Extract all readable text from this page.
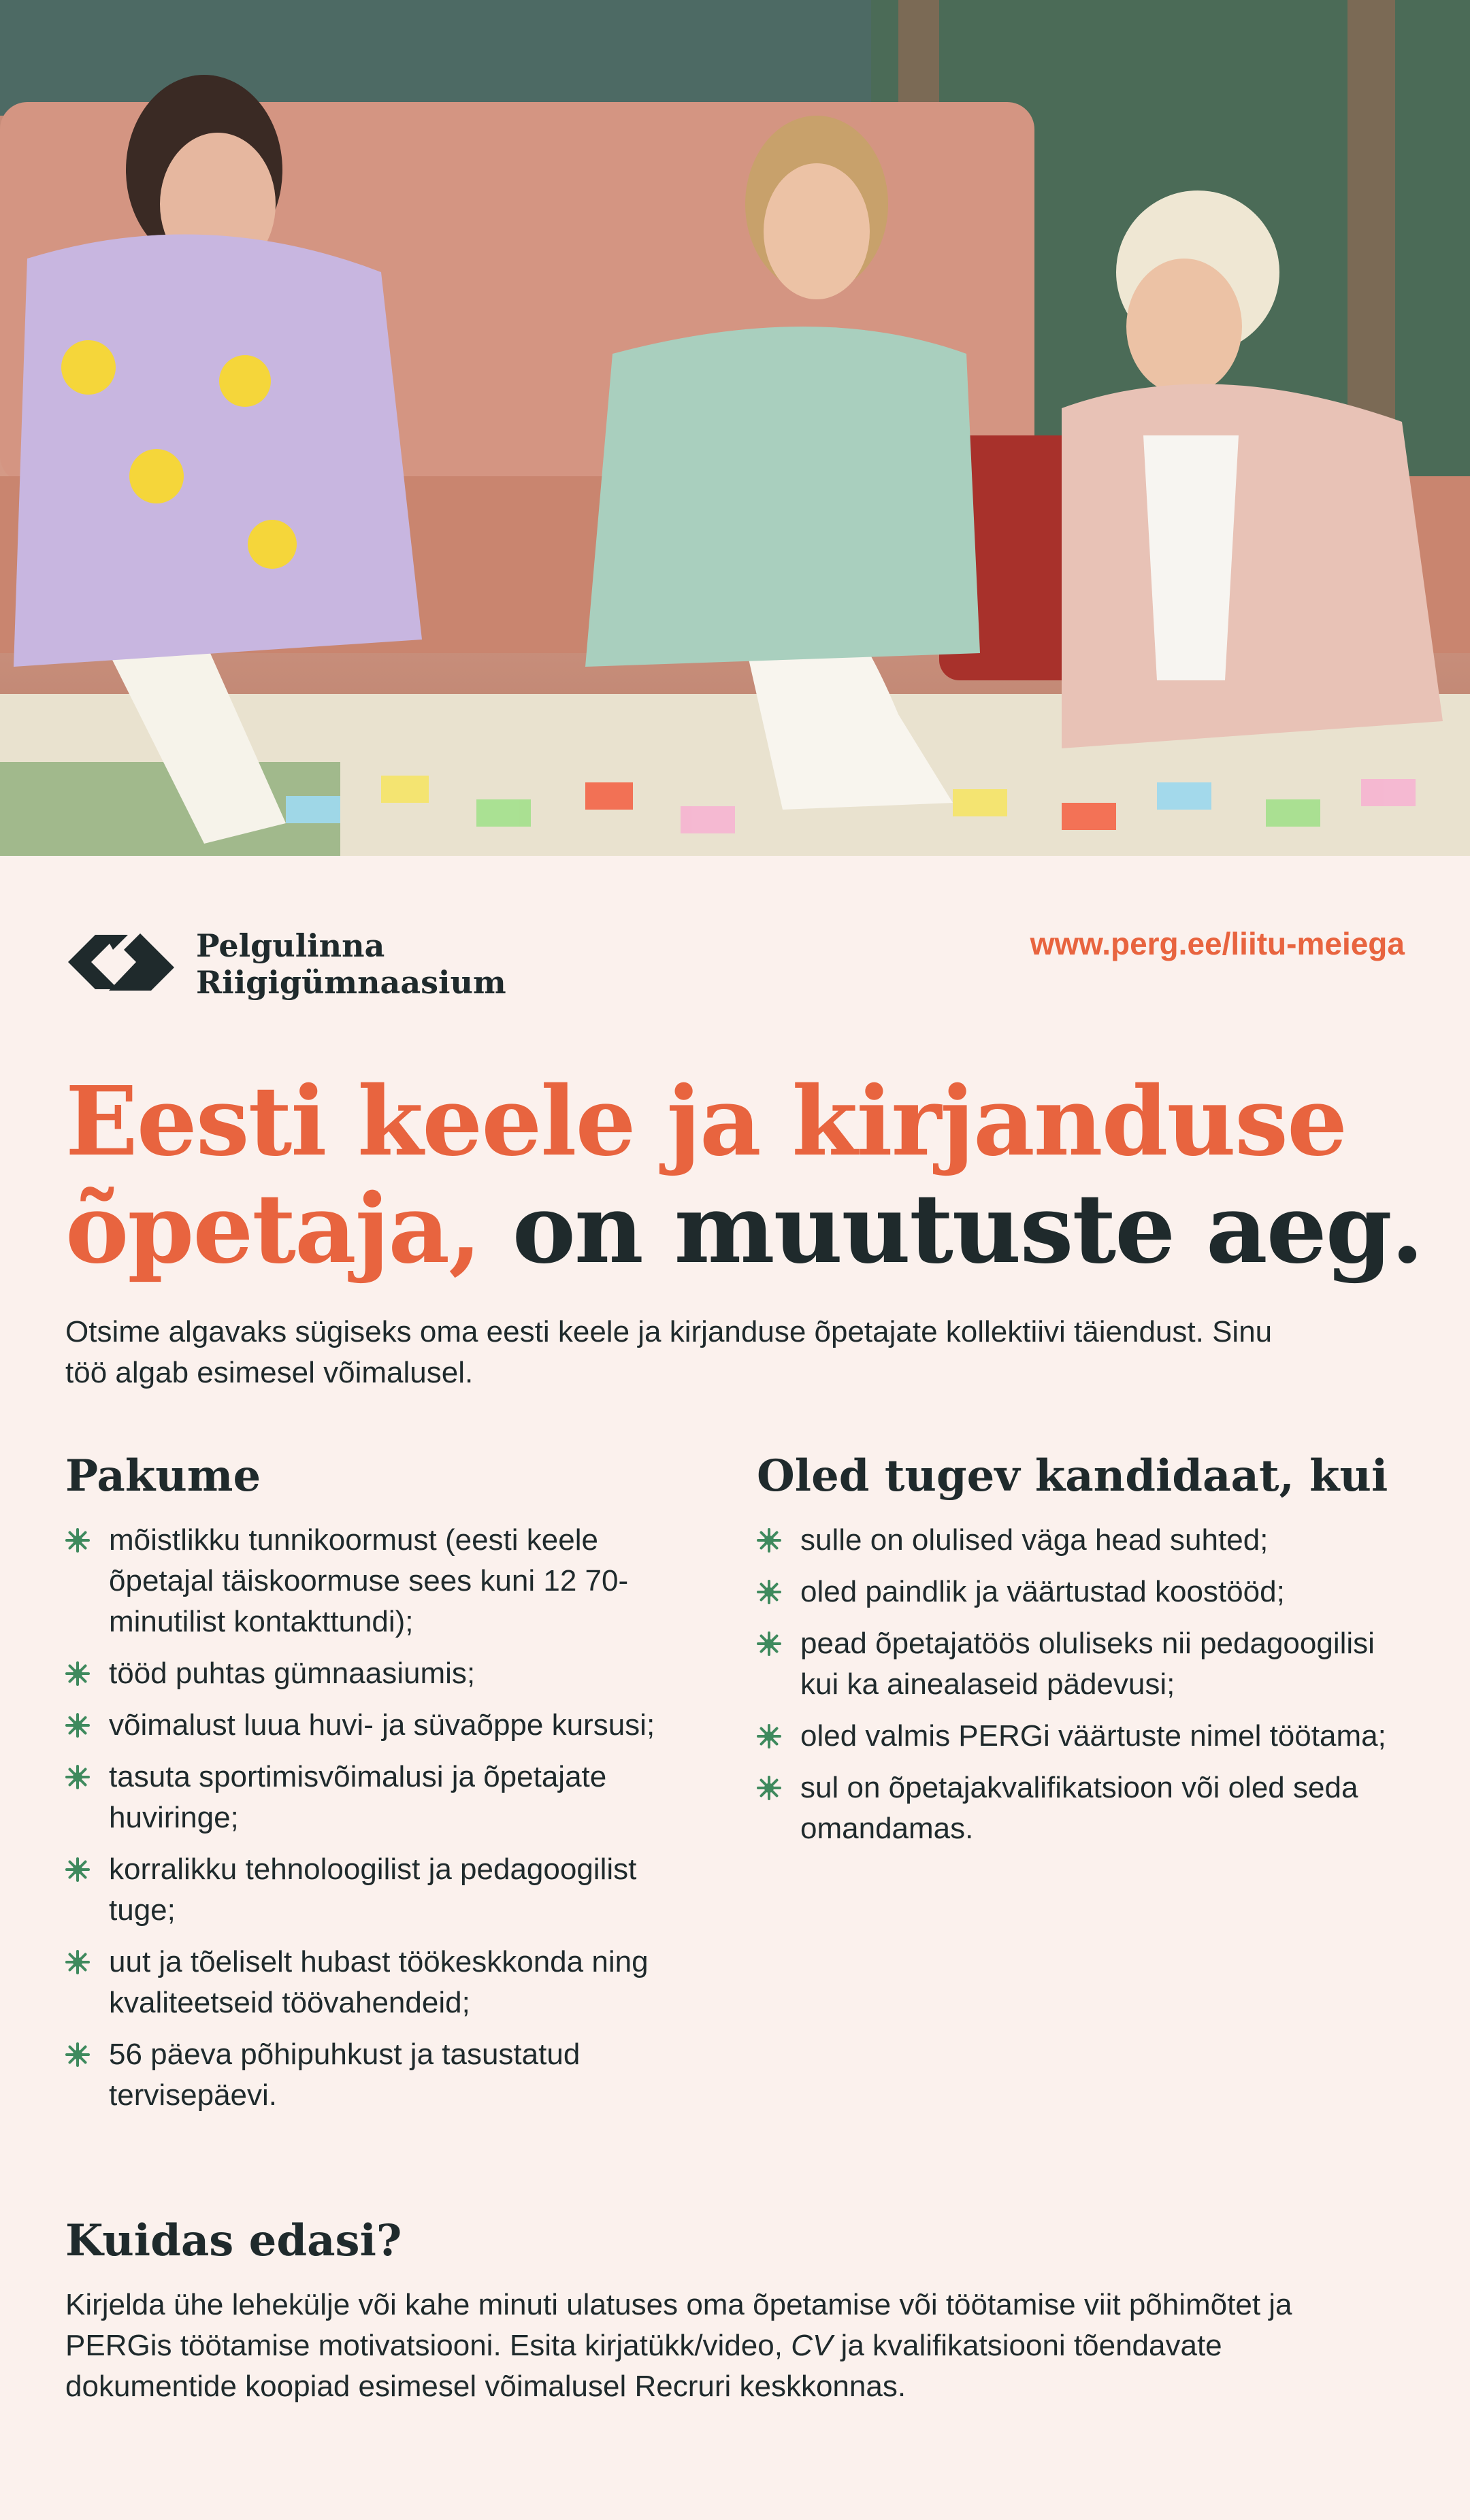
Pelgulinna
Riigigümnaasium
www.perg.ee/liitu-meiega
Eesti keele ja kirjanduse
õpetaja, on muutuste aeg.
Otsime algavaks sügiseks oma eesti keele ja kirjanduse õpetajate kollektiivi täiendust. Sinu töö algab esimesel võimalusel.
Pakume
mõistlikku tunnikoormust (eesti keele õpetajal täiskoormuse sees kuni 12 70-minutilist kontakttundi);
tööd puhtas gümnaasiumis;
võimalust luua huvi- ja süvaõppe kursusi;
tasuta sportimisvõimalusi ja õpetajate huviringe;
korralikku tehnoloogilist ja pedagoogilist tuge;
uut ja tõeliselt hubast töökeskkonda ning kvaliteetseid töövahendeid;
56 päeva põhipuhkust ja tasustatud tervisepäevi.
Oled tugev kandidaat, kui
sulle on olulised väga head suhted;
oled paindlik ja väärtustad koostööd;
pead õpetajatöös oluliseks nii pedagoogilisi kui ka ainealaseid pädevusi;
oled valmis PERGi väärtuste nimel töötama;
sul on õpetajakvalifikatsioon või oled seda omandamas.
Kuidas edasi?

Kirjelda ühe lehekülje või kahe minuti ulatuses oma õpetamise või töötamise viit põhimõtet ja PERGis töötamise motivatsiooni. Esita kirjatükk/video, CV ja kvalifikatsiooni tõendavate dokumentide koopiad esimesel võimalusel Recruri keskkonnas.
